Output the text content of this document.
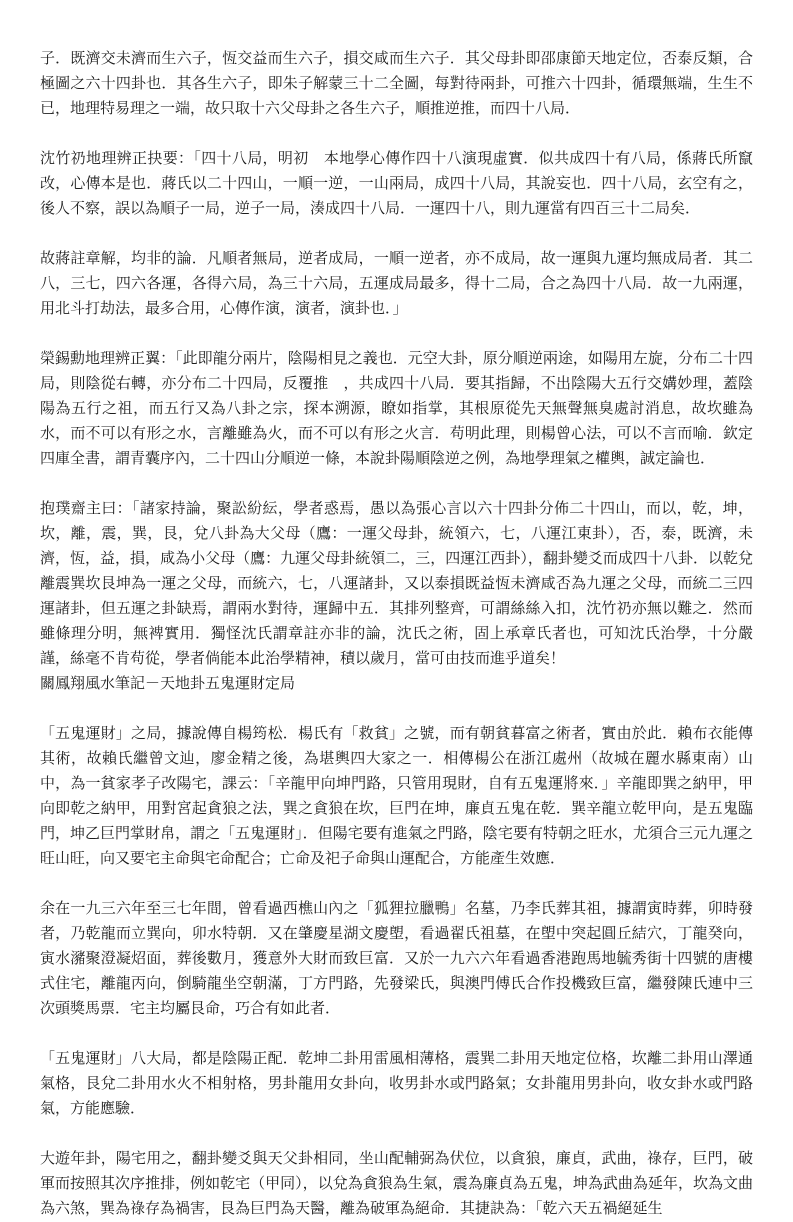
子．既濟交未濟而生六子，恆交益而生六子，損交咸而生六子．其父母卦即邵康節天地定位，否泰反類，合極圖之六十四卦也．其各生六子，即朱子解蒙三十二全圖，每對待兩卦，可推六十四卦，循環無端，生生不已，地理特易理之一端，故只取十六父母卦之各生六子，順推逆推，而四十八局．

沈竹礽地理辨正抉要：「四十八局，明初　本地學心傳作四十八演現虛實．似共成四十有八局，係蔣氏所竄改，心傳本是也．蔣氏以二十四山，一順一逆，一山兩局，成四十八局，其說妄也．四十八局，玄空有之，後人不察，誤以為順子一局，逆子一局，湊成四十八局．一運四十八，則九運當有四百三十二局矣．

故蔣註章解，均非的論．凡順者無局，逆者成局，一順一逆者，亦不成局，故一運與九運均無成局者．其二八，三七，四六各運，各得六局，為三十六局，五運成局最多，得十二局，合之為四十八局．故一九兩運，用北斗打劫法，最多合用，心傳作演，演者，演卦也．」

榮錫勳地理辨正翼：「此即龍分兩片，陰陽相見之義也．元空大卦，原分順逆兩途，如陽用左旋，分布二十四局，則陰從右轉，亦分布二十四局，反覆推　，共成四十八局．要其指歸，不出陰陽大五行交媾妙理，蓋陰陽為五行之祖，而五行又為八卦之宗，探本溯源，瞭如指掌，其根原從先天無聲無臭處討消息，故坎雖為水，而不可以有形之水，言離雖為火，而不可以有形之火言．苟明此理，則楊曾心法，可以不言而喻．欽定四庫全書，謂青囊序內，二十四山分順逆一條，本說卦陽順陰逆之例，為地學理氣之權輿，誠定論也．

抱璞齋主曰：「諸家持論，聚訟紛紜，學者惑焉，愚以為張心言以六十四卦分佈二十四山，而以，乾，坤，坎，離，震，巽，艮，兌八卦為大父母（鷹：一運父母卦，統領六，七，八運江東卦），否，泰，既濟，未濟，恆，益，損，咸為小父母（鷹：九運父母卦統領二，三，四運江西卦），翻卦變爻而成四十八卦．以乾兌離震巽坎艮坤為一運之父母，而統六，七，八運諸卦，又以泰損既益恆未濟咸否為九運之父母，而統二三四運諸卦，但五運之卦缺焉，謂兩水對待，運歸中五．其排列整齊，可謂絲絲入扣，沈竹礽亦無以難之．然而雖條理分明，無裨實用．獨怪沈氏謂章註亦非的論，沈氏之術，固上承章氏者也，可知沈氏治學，十分嚴謹，絲毫不肯苟從，學者倘能本此治學精神，積以歲月，當可由技而進乎道矣！

關鳳翔風水筆記－天地卦五鬼運財定局

「五鬼運財」之局，據說傳自楊筠松．楊氏有「救貧」之號，而有朝貧暮富之術者，實由於此．賴布衣能傳其術，故賴氏繼曾文辿，廖金精之後，為堪輿四大家之一．相傳楊公在浙江處州（故城在麗水縣東南）山中，為一貧家孝子改陽宅，課云：「辛龍甲向坤門路，只管用現財，自有五鬼運將來．」辛龍即巽之納甲，甲向即乾之納甲，用對宮起貪狼之法，巽之貪狼在坎，巨門在坤，廉貞五鬼在乾．巽辛龍立乾甲向，是五鬼臨門，坤乙巨門掌財帛，謂之「五鬼運財」．但陽宅要有進氣之門路，陰宅要有特朝之旺水，尤須合三元九運之旺山旺，向又要宅主命與宅命配合；亡命及祀子命與山運配合，方能產生效應．

余在一九三六年至三七年間，曾看過西樵山內之「狐狸拉臘鴨」名墓，乃李氏葬其祖，據謂寅時葬，卯時發者，乃乾龍而立巽向，卯水特朝．又在肇慶星湖文慶塱，看過翟氏祖墓，在塱中突起圓丘結穴，丁龍癸向，寅水瀦聚澄凝炤面，葬後數月，獲意外大財而致巨富．又於一九六六年看過香港跑馬地毓秀街十四號的唐樓式住宅，離龍丙向，倒騎龍坐空朝滿，丁方門路，先發梁氏，與澳門傅氏合作投機致巨富，繼發陳氏連中三次頭獎馬票．宅主均屬艮命，巧合有如此者．

「五鬼運財」八大局，都是陰陽正配．乾坤二卦用雷風相薄格，震巽二卦用天地定位格，坎離二卦用山澤通氣格，艮兌二卦用水火不相射格，男卦龍用女卦向，收男卦水或門路氣；女卦龍用男卦向，收女卦水或門路氣，方能應驗．

大遊年卦，陽宅用之，翻卦變爻與天父卦相同，坐山配輔弼為伏位，以貪狼，廉貞，武曲，祿存，巨門，破軍而按照其次序推排，例如乾宅（甲同），以兌為貪狼為生氣，震為廉貞為五鬼，坤為武曲為延年，坎為文曲為六煞，巽為祿存為禍害，艮為巨門為天醫，離為破軍為絕命．其捷訣為：「乾六天五禍絕延生
